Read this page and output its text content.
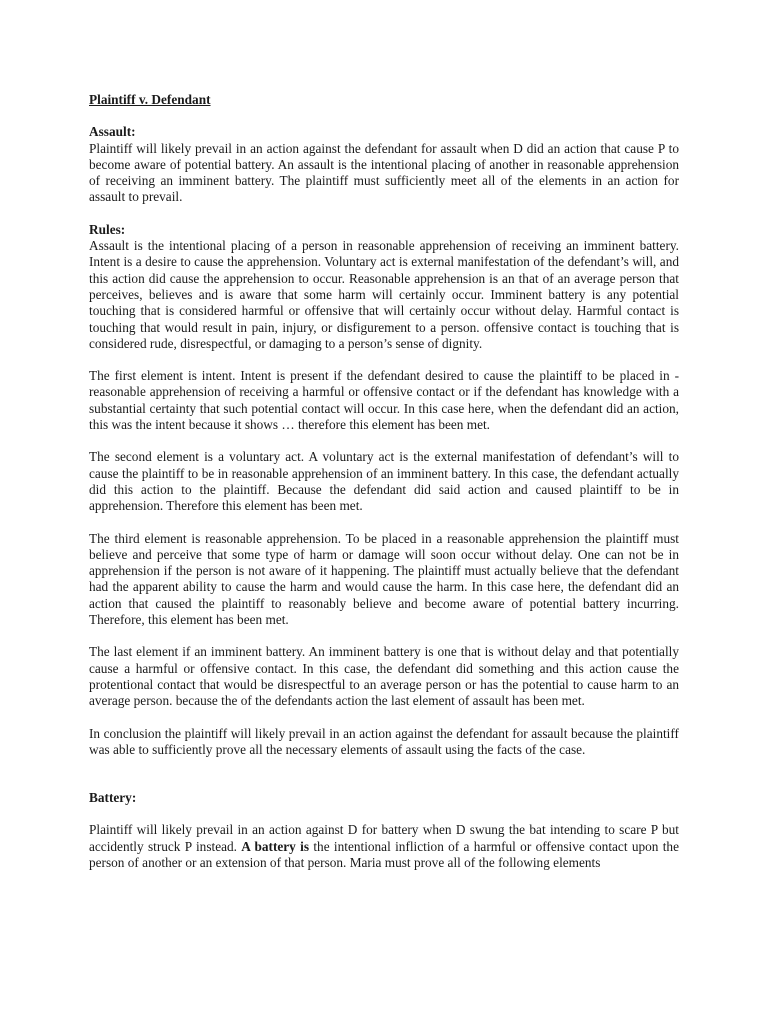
Plaintiff v. Defendant
Assault:

Plaintiff will likely prevail in an action against the defendant for assault when D did an action that cause P to become aware of potential battery. An assault is the intentional placing of another in reasonable apprehension of receiving an imminent battery. The plaintiff must sufficiently meet all of the elements in an action for assault to prevail.

Rules:

Assault is the intentional placing of a person in reasonable apprehension of receiving an imminent battery. Intent is a desire to cause the apprehension. Voluntary act is external manifestation of the defendant’s will, and this action did cause the apprehension to occur. Reasonable apprehension is an that of an average person that perceives, believes and is aware that some harm will certainly occur. Imminent battery is any potential touching that is considered harmful or offensive that will certainly occur without delay. Harmful contact is touching that would result in pain, injury, or disfigurement to a person. offensive contact is touching that is considered rude, disrespectful, or damaging to a person’s sense of dignity.

The first element is intent. Intent is present if the defendant desired to cause the plaintiff to be placed in - reasonable apprehension of receiving a harmful or offensive contact or if the defendant has knowledge with a substantial certainty that such potential contact will occur. In this case here, when the defendant did an action, this was the intent because it shows … therefore this element has been met.

The second element is a voluntary act. A voluntary act is the external manifestation of defendant’s will to cause the plaintiff to be in reasonable apprehension of an imminent battery. In this case, the defendant actually did this action to the plaintiff. Because the defendant did said action and caused plaintiff to be in apprehension. Therefore this element has been met.

The third element is reasonable apprehension. To be placed in a reasonable apprehension the plaintiff must believe and perceive that some type of harm or damage will soon occur without delay. One can not be in apprehension if the person is not aware of it happening. The plaintiff must actually believe that the defendant had the apparent ability to cause the harm and would cause the harm. In this case here, the defendant did an action that caused the plaintiff to reasonably believe and become aware of potential battery incurring. Therefore, this element has been met.

The last element if an imminent battery. An imminent battery is one that is without delay and that potentially cause a harmful or offensive contact. In this case, the defendant did something and this action cause the protentional contact that would be disrespectful to an average person or has the potential to cause harm to an average person. because the of the defendants action the last element of assault has been met.

In conclusion the plaintiff will likely prevail in an action against the defendant for assault because the plaintiff was able to sufficiently prove all the necessary elements of assault using the facts of the case.

Battery:

Plaintiff will likely prevail in an action against D for battery when D swung the bat intending to scare P but accidently struck P instead. A battery is the intentional infliction of a harmful or offensive contact upon the person of another or an extension of that person. Maria must prove all of the following elements
